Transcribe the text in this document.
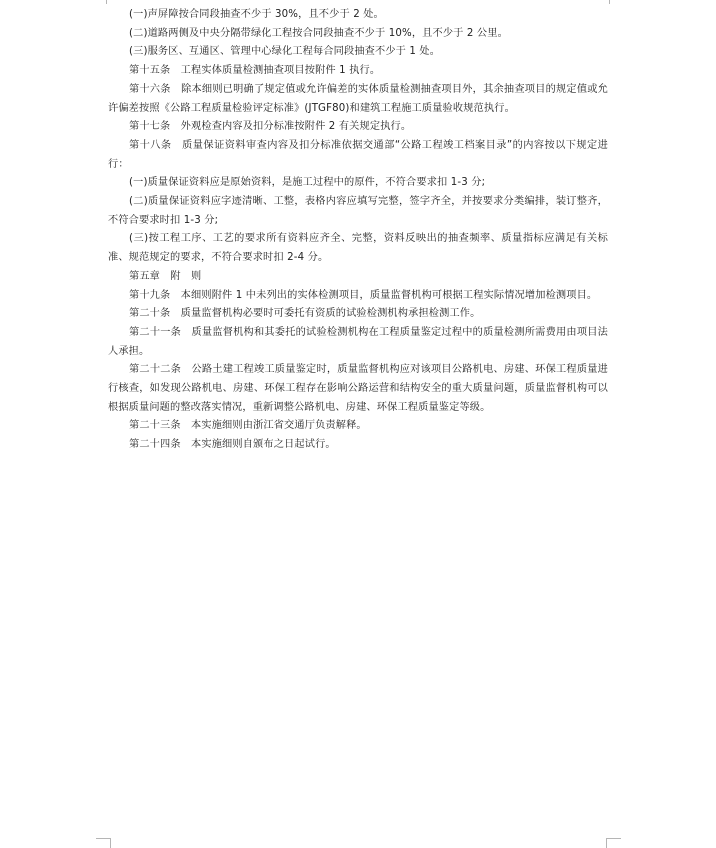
(一)声屏障按合同段抽查不少于 30%，且不少于 2 处。

(二)道路两侧及中央分隔带绿化工程按合同段抽查不少于 10%，且不少于 2 公里。

(三)服务区、互通区、管理中心绿化工程每合同段抽查不少于 1 处。

第十五条　工程实体质量检测抽查项目按附件 1 执行。

第十六条　除本细则已明确了规定值或允许偏差的实体质量检测抽查项目外，其余抽查项目的规定值或允许偏差按照《公路工程质量检验评定标准》(JTGF80)和建筑工程施工质量验收规范执行。

第十七条　外观检查内容及扣分标准按附件 2 有关规定执行。

第十八条　质量保证资料审查内容及扣分标准依据交通部“公路工程竣工档案目录”的内容按以下规定进行：

(一)质量保证资料应是原始资料，是施工过程中的原件，不符合要求扣 1-3 分;

(二)质量保证资料应字迹清晰、工整，表格内容应填写完整，签字齐全，并按要求分类编排，装订整齐，不符合要求时扣 1-3 分;

(三)按工程工序、工艺的要求所有资料应齐全、完整，资料反映出的抽查频率、质量指标应满足有关标准、规范规定的要求，不符合要求时扣 2-4 分。

第五章　附　则

第十九条　本细则附件 1 中未列出的实体检测项目，质量监督机构可根据工程实际情况增加检测项目。

第二十条　质量监督机构必要时可委托有资质的试验检测机构承担检测工作。

第二十一条　质量监督机构和其委托的试验检测机构在工程质量鉴定过程中的质量检测所需费用由项目法人承担。

第二十二条　公路土建工程竣工质量鉴定时，质量监督机构应对该项目公路机电、房建、环保工程质量进行核查，如发现公路机电、房建、环保工程存在影响公路运营和结构安全的重大质量问题，质量监督机构可以根据质量问题的整改落实情况，重新调整公路机电、房建、环保工程质量鉴定等级。

第二十三条　本实施细则由浙江省交通厅负责解释。

第二十四条　本实施细则自颁布之日起试行。
